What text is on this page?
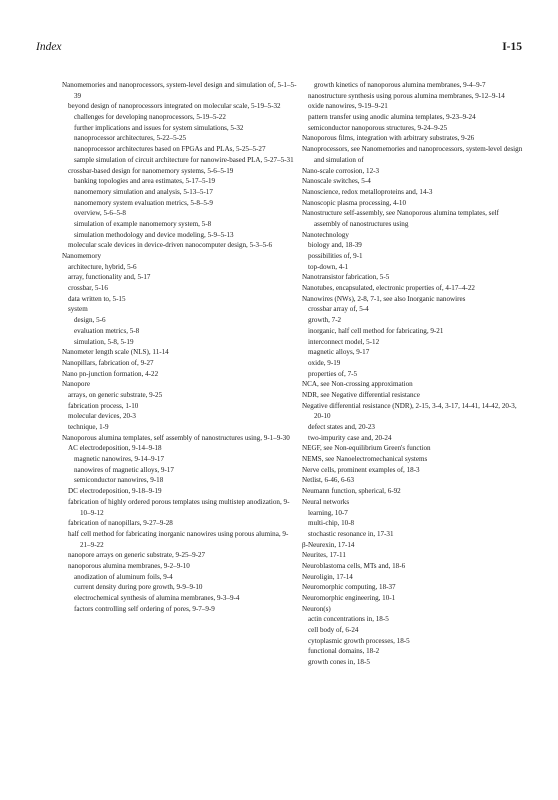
Index	I-15
Nanomemories and nanoprocessors, system-level design and simulation of, 5-1–5-39
beyond design of nanoprocessors integrated on molecular scale, 5-19–5-32
challenges for developing nanoprocessors, 5-19–5-22
further implications and issues for system simulations, 5-32
nanoprocessor architectures, 5-22–5-25
nanoprocessor architectures based on FPGAs and PLAs, 5-25–5-27
sample simulation of circuit architecture for nanowire-based PLA, 5-27–5-31
crossbar-based design for nanomemory systems, 5-6–5-19
banking topologies and area estimates, 5-17–5-19
nanomemory simulation and analysis, 5-13–5-17
nanomemory system evaluation metrics, 5-8–5-9
overview, 5-6–5-8
simulation of example nanomemory system, 5-8
simulation methodology and device modeling, 5-9–5-13
molecular scale devices in device-driven nanocomputer design, 5-3–5-6
Nanomemory
architecture, hybrid, 5-6
array, functionality and, 5-17
crossbar, 5-16
data written to, 5-15
system
design, 5-6
evaluation metrics, 5-8
simulation, 5-8, 5-19
Nanometer length scale (NLS), 11-14
Nanopillars, fabrication of, 9-27
Nano pn-junction formation, 4-22
Nanopore
arrays, on generic substrate, 9-25
fabrication process, 1-10
molecular devices, 20-3
technique, 1-9
Nanoporous alumina templates, self assembly of nanostructures using, 9-1–9-30
AC electrodeposition, 9-14–9-18
magnetic nanowires, 9-14–9-17
nanowires of magnetic alloys, 9-17
semiconductor nanowires, 9-18
DC electrodeposition, 9-18–9-19
fabrication of highly ordered porous templates using multistep anodization, 9-10–9-12
fabrication of nanopillars, 9-27–9-28
half cell method for fabricating inorganic nanowires using porous alumina, 9-21–9-22
nanopore arrays on generic substrate, 9-25–9-27
nanoporous alumina membranes, 9-2–9-10
anodization of aluminum foils, 9-4
current density during pore growth, 9-9–9-10
electrochemical synthesis of alumina membranes, 9-3–9-4
factors controlling self ordering of pores, 9-7–9-9
growth kinetics of nanoporous alumina membranes, 9-4–9-7
nanostructure synthesis using porous alumina membranes, 9-12–9-14
oxide nanowires, 9-19–9-21
pattern transfer using anodic alumina templates, 9-23–9-24
semiconductor nanoporous structures, 9-24–9-25
Nanoporous films, integration with arbitrary substrates, 9-26
Nanoprocessors, see Nanomemories and nanoprocessors, system-level design and simulation of
Nano-scale corrosion, 12-3
Nanoscale switches, 5-4
Nanoscience, redox metalloproteins and, 14-3
Nanoscopic plasma processing, 4-10
Nanostructure self-assembly, see Nanoporous alumina templates, self assembly of nanostructures using
Nanotechnology
biology and, 18-39
possibilities of, 9-1
top-down, 4-1
Nanotransistor fabrication, 5-5
Nanotubes, encapsulated, electronic properties of, 4-17–4-22
Nanowires (NWs), 2-8, 7-1, see also Inorganic nanowires
crossbar array of, 5-4
growth, 7-2
inorganic, half cell method for fabricating, 9-21
interconnect model, 5-12
magnetic alloys, 9-17
oxide, 9-19
properties of, 7-5
NCA, see Non-crossing approximation
NDR, see Negative differential resistance
Negative differential resistance (NDR), 2-15, 3-4, 3-17, 14-41, 14-42, 20-3, 20-10
defect states and, 20-23
two-impurity case and, 20-24
NEGF, see Non-equilibrium Green's function
NEMS, see Nanoelectromechanical systems
Nerve cells, prominent examples of, 18-3
Netlist, 6-46, 6-63
Neumann function, spherical, 6-92
Neural networks
learning, 10-7
multi-chip, 10-8
stochastic resonance in, 17-31
β-Neurexin, 17-14
Neurites, 17-11
Neuroblastoma cells, MTs and, 18-6
Neuroligin, 17-14
Neuromorphic computing, 18-37
Neuromorphic engineering, 10-1
Neuron(s)
actin concentrations in, 18-5
cell body of, 6-24
cytoplasmic growth processes, 18-5
functional domains, 18-2
growth cones in, 18-5
